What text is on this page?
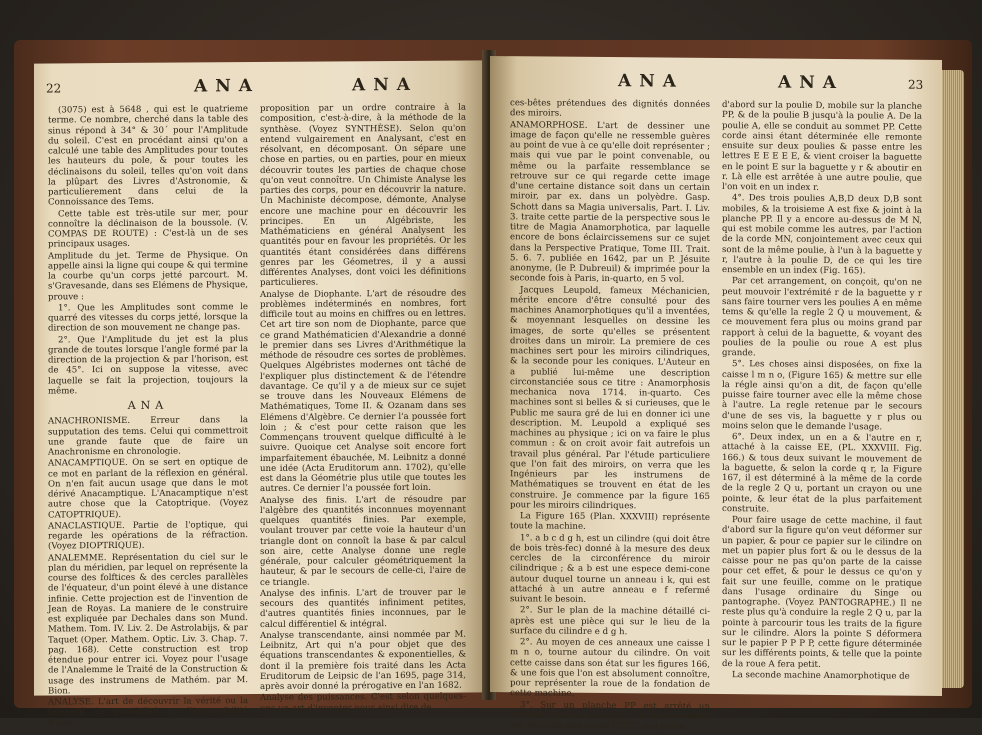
22	ANA	ANA

(3075) est à 5648 , qui est le quatrieme terme. Ce nombre, cherché dans la table des sinus répond à 34° & 30´ pour l'Amplitude du soleil. C'est en procédant ainsi qu'on a calculé une table des Amplitudes pour toutes les hauteurs du pole, & pour toutes les déclinaisons du soleil, telles qu'on voit dans la plûpart des Livres d'Astronomie, & particulierement dans celui de la Connoissance des Tems.

Cette table est très-utile sur mer, pour connoître la déclinaison de la boussole. (V. COMPAS DE ROUTE) : C'est-là un de ses principaux usages.

Amplitude du jet. Terme de Physique. On appelle ainsi la ligne qui coupe & qui termine la courbe qu'un corps jetté parcourt. M. s'Gravesande, dans ses Elémens de Physique, prouve :

1°. Que les Amplitudes sont comme le quarré des vitesses du corps jetté, lorsque la direction de son mouvement ne change pas.

2°. Que l'Amplitude du jet est la plus grande de toutes lorsque l'angle formé par la direction de la projection & par l'horison, est de 45°. Ici on suppose la vitesse, avec laquelle se fait la projection, toujours la même.

ANA

ANACHRONISME. Erreur dans la supputation des tems. Celui qui commettroit une grande faute que de faire un Anachronisme en chronologie.

ANACAMPTIQUE. On se sert en optique de ce mot en parlant de la réflexion en général. On n'en fait aucun usage que dans le mot dérivé Anacamptique. L'Anacamptique n'est autre chose que la Catoptrique. (Voyez CATOPTRIQUE).

ANACLASTIQUE. Partie de l'optique, qui regarde les opérations de la réfraction. (Voyez DIOPTRIQUE).

ANALEMME. Représentation du ciel sur le plan du méridien, par lequel on représente la course des folftices & des cercles parallèles de l'équateur, d'un point élevé à une distance infinie. Cette projection est de l'invention de Jean de Royas. La maniere de le construire est expliquée par Dechales dans son Mund. Mathem. Tom. IV. Liv. 2. De Astrolabijs, & par Taquet (Oper. Mathem. Optic. Liv. 3. Chap. 7. pag. 168). Cette construction est trop étendue pour entrer ici. Voyez pour l'usage de l'Analemme le Traité de la Construction & usage des instrumens de Mathém. par M. Bion.

ANALYSE. L'art de découvrir la vérité ou la fausseté, la possibilité ou l'impossibilité d'une

proposition par un ordre contraire à la composition, c'est-à-dire, à la méthode de la synthèse. (Voyez SYNTHÈSE). Selon qu'on entend vulgairement en Analysant, c'est en résolvant, en décomposant. On sépare une chose en parties, ou en parties, pour en mieux découvrir toutes les parties de chaque chose qu'on veut connoître. Un Chimiste Analyse les parties des corps, pour en découvrir la nature. Un Machiniste décompose, démonte, Analyse encore une machine pour en découvrir les principes. En un Algébriste, les Mathématiciens en général Analysent les quantités pour en favour les propriétés. Or les quantités étant considérées dans différens genres par les Géometres, il y a aussi différentes Analyses, dont voici les définitions particulieres.

Analyse de Diophante. L'art de résoudre des problèmes indéterminés en nombres, fort difficile tout au moins en chiffres ou en lettres. Cet art tire son nom de Diophante, parce que ce grand Mathématicien d'Alexandrie a donné le premier dans ses Livres d'Arithmétique la méthode de résoudre ces sortes de problèmes. Quelques Algébristes modernes ont tâché de l'expliquer plus distinctement & de l'étendre davantage. Ce qu'il y a de mieux sur ce sujet se trouve dans les Nouveaux Elémens de Mathématiques, Tome II. & Ozanam dans ses Elémens d'Algèbre. Ce dernier l'a poussée fort loin ; & c'est pour cette raison que les Commençans trouvent quelque difficulté à le suivre. Quoique cet Analyse soit encore fort imparfaitement ébauchée, M. Leibnitz a donné une idée (Acta Eruditorum ann. 1702), qu'elle est dans la Géométrie plus utile que toutes les autres. Ce dernier l'a poussée fort loin.

Analyse des finis. L'art de résoudre par l'algèbre des quantités inconnues moyennant quelques quantités finies. Par exemple, voulant trouver par cette voie la hauteur d'un triangle dont on connoît la base & par calcul son aire, cette Analyse donne une regle générale, pour calculer géométriquement la hauteur, & par le secours de celle-ci, l'aire de ce triangle.

Analyse des infinis. L'art de trouver par le secours des quantités infiniment petites, d'autres quantités finies inconnues, par le calcul différentiel & intégral.

Analyse transcendante, ainsi nommée par M. Leibnitz, Art qui n'a pour objet que des équations transcendantes & exponentielles, & dont il la première fois traité dans les Acta Eruditorum de Leipsic de l'an 1695, page 314, après avoir donné la prérogative en l'an 1682.

Analyse des puissances. C'est selon quelques-uns un art d'inventer pour ainsi dire de

ANA	ANA	23

ces-bêtes prétendues des dignités données des miroirs.

ANAMORPHOSE. L'art de dessiner une image de façon qu'elle ne ressemble guères au point de vue à ce qu'elle doit représenter ; mais qui vue par le point convenable, ou même ou la parfaite ressemblance se retrouve sur ce qui regarde cette image d'une certaine distance soit dans un certain miroir, par ex. dans un polyèdre. Gasp. Schott dans sa Magia universalis, Part. I. Liv. 3. traite cette partie de la perspective sous le titre de Magia Anamorphotica, par laquelle encore de bons éclaircissemens sur ce sujet dans la Perspective Pratique, Tome III. Trait. 5. 6. 7. publiée en 1642, par un P. Jésuite anonyme, (le P. Dubreuil) & imprimée pour la seconde fois à Paris, in-quarto, en 5 vol.

Jacques Leupold, fameux Méchanicien, mérite encore d'être consulté pour des machines Anamorphotiques qu'il a inventées, & moyennant lesquelles on dessine les images, de sorte qu'elles se présentent droites dans un miroir. La premiere de ces machines sert pour les miroirs cilindriques, & la seconde pour les coniques. L'Auteur en a publié lui-même une description circonstanciée sous ce titre : Anamorphosis mechanica nova 1714. in-quarto. Ces machines sont si belles & si curieuses, que le Public me saura gré de lui en donner ici une description. M. Leupold a expliqué ses machines au physique ; ici on va faire le plus commun : & on croit avoir fait autrefois un travail plus général. Par l'étude particuliere que l'on fait des miroirs, on verra que les Ingénieurs par les instrumens de Mathématiques se trouvent en état de les construire. Je commence par la figure 165 pour les miroirs cilindriques.

La Figure 165 (Plan. XXXVIII) représente toute la machine.

1°. a b c d g h, est un cilindre (qui doit être de bois très-fec) donné à la mesure des deux cercles de la circonférence du miroir cilindrique ; & a b est une espece demi-cone autour duquel tourne un anneau i k, qui est attaché à un autre anneau e f refermé suivant le besoin.

2°. Sur le plan de la machine détaillé ci-après est une pièce qui sur le lieu de la surface du cilindre e d g h.

2°. Au moyen de ces anneaux une caisse l m n o, tourne autour du cilindre. On voit cette caisse dans son état sur les figures 166, & une fois que l'on est absolument connoître, pour représenter la roue de la fondation de cette machine.

3°. Sur un planche PP est arrêté un mortier à bas en quarré y y, & son extrémité est attachée une corde CCCC, qui passe

d'abord sur la poulie D, mobile sur la planche PP, & de la poulie B jusqu'à la poulie A. De la poulie A, elle se conduit au sommet PP. Cette corde ainsi étant déterminée elle remonte ensuite sur deux poulies & passe entre les lettres E E E E E, & vient croiser la baguette en le point E sur la baguette y r & aboutir en r. Là elle est arrêtée à une autre poulie, que l'on voit en un index r.

4°. Des trois poulies A,B,D deux D,B sont mobiles, & la troisieme A est fixe & joint à la planche PP. Il y a encore au-dessus de M N, qui est mobile comme les autres, par l'action de la corde MN, conjointement avec ceux qui sont de la même poulie, à l'un à la baguette y r, l'autre à la poulie D, de ce qui les tire ensemble en un index (Fig. 165).

Par cet arrangement, on conçoit, qu'on ne peut mouvoir l'extrémité r de la baguette y r sans faire tourner vers les poulies A en même tems & qu'elle la regle 2 Q u mouvement, & ce mouvement fera plus ou moins grand par rapport à celui de la baguette, & voyant des poulies de la poulie ou roue A est plus grande.

5°. Les choses ainsi disposées, on fixe la caisse l m n o, (Figure 165) & mettre sur elle la régle ainsi qu'on a dit, de façon qu'elle puisse faire tourner avec elle la même chose à l'autre. La regle retenue par le secours d'une de ses vis, la baguette y r plus ou moins selon que le demande l'usage.

6°. Deux index, un en a & l'autre en r, attaché à la caisse EE, (PL. XXXVIII. Fig. 166.) & tous deux suivant le mouvement de la baguette, & selon la corde q r, la Figure 167, il est déterminé à la même de la corde de la regle 2 Q u, portant un crayon ou une pointe, & leur état de la plus parfaitement construite.

Pour faire usage de cette machine, il faut d'abord sur la figure qu'on veut déformer sur un papier, & pour ce papier sur le cilindre on met un papier plus fort & ou le dessus de la caisse pour ne pas qu'on parte de la caisse pour cet effet, & pour le dessus ce qu'on y fait sur une feuille, comme on le pratique dans l'usage ordinaire du Singe ou pantographe. (Voyez PANTOGRAPHE.) Il ne reste plus qu'à conduire la regle 2 Q u, par la pointe à parcourir tous les traits de la figure sur le cilindre. Alors la pointe S déformera sur le papier P P P P, cette figure déterminée sur les différents points, & telle que la pointe de la roue A fera petit.

La seconde machine Anamorphotique de
